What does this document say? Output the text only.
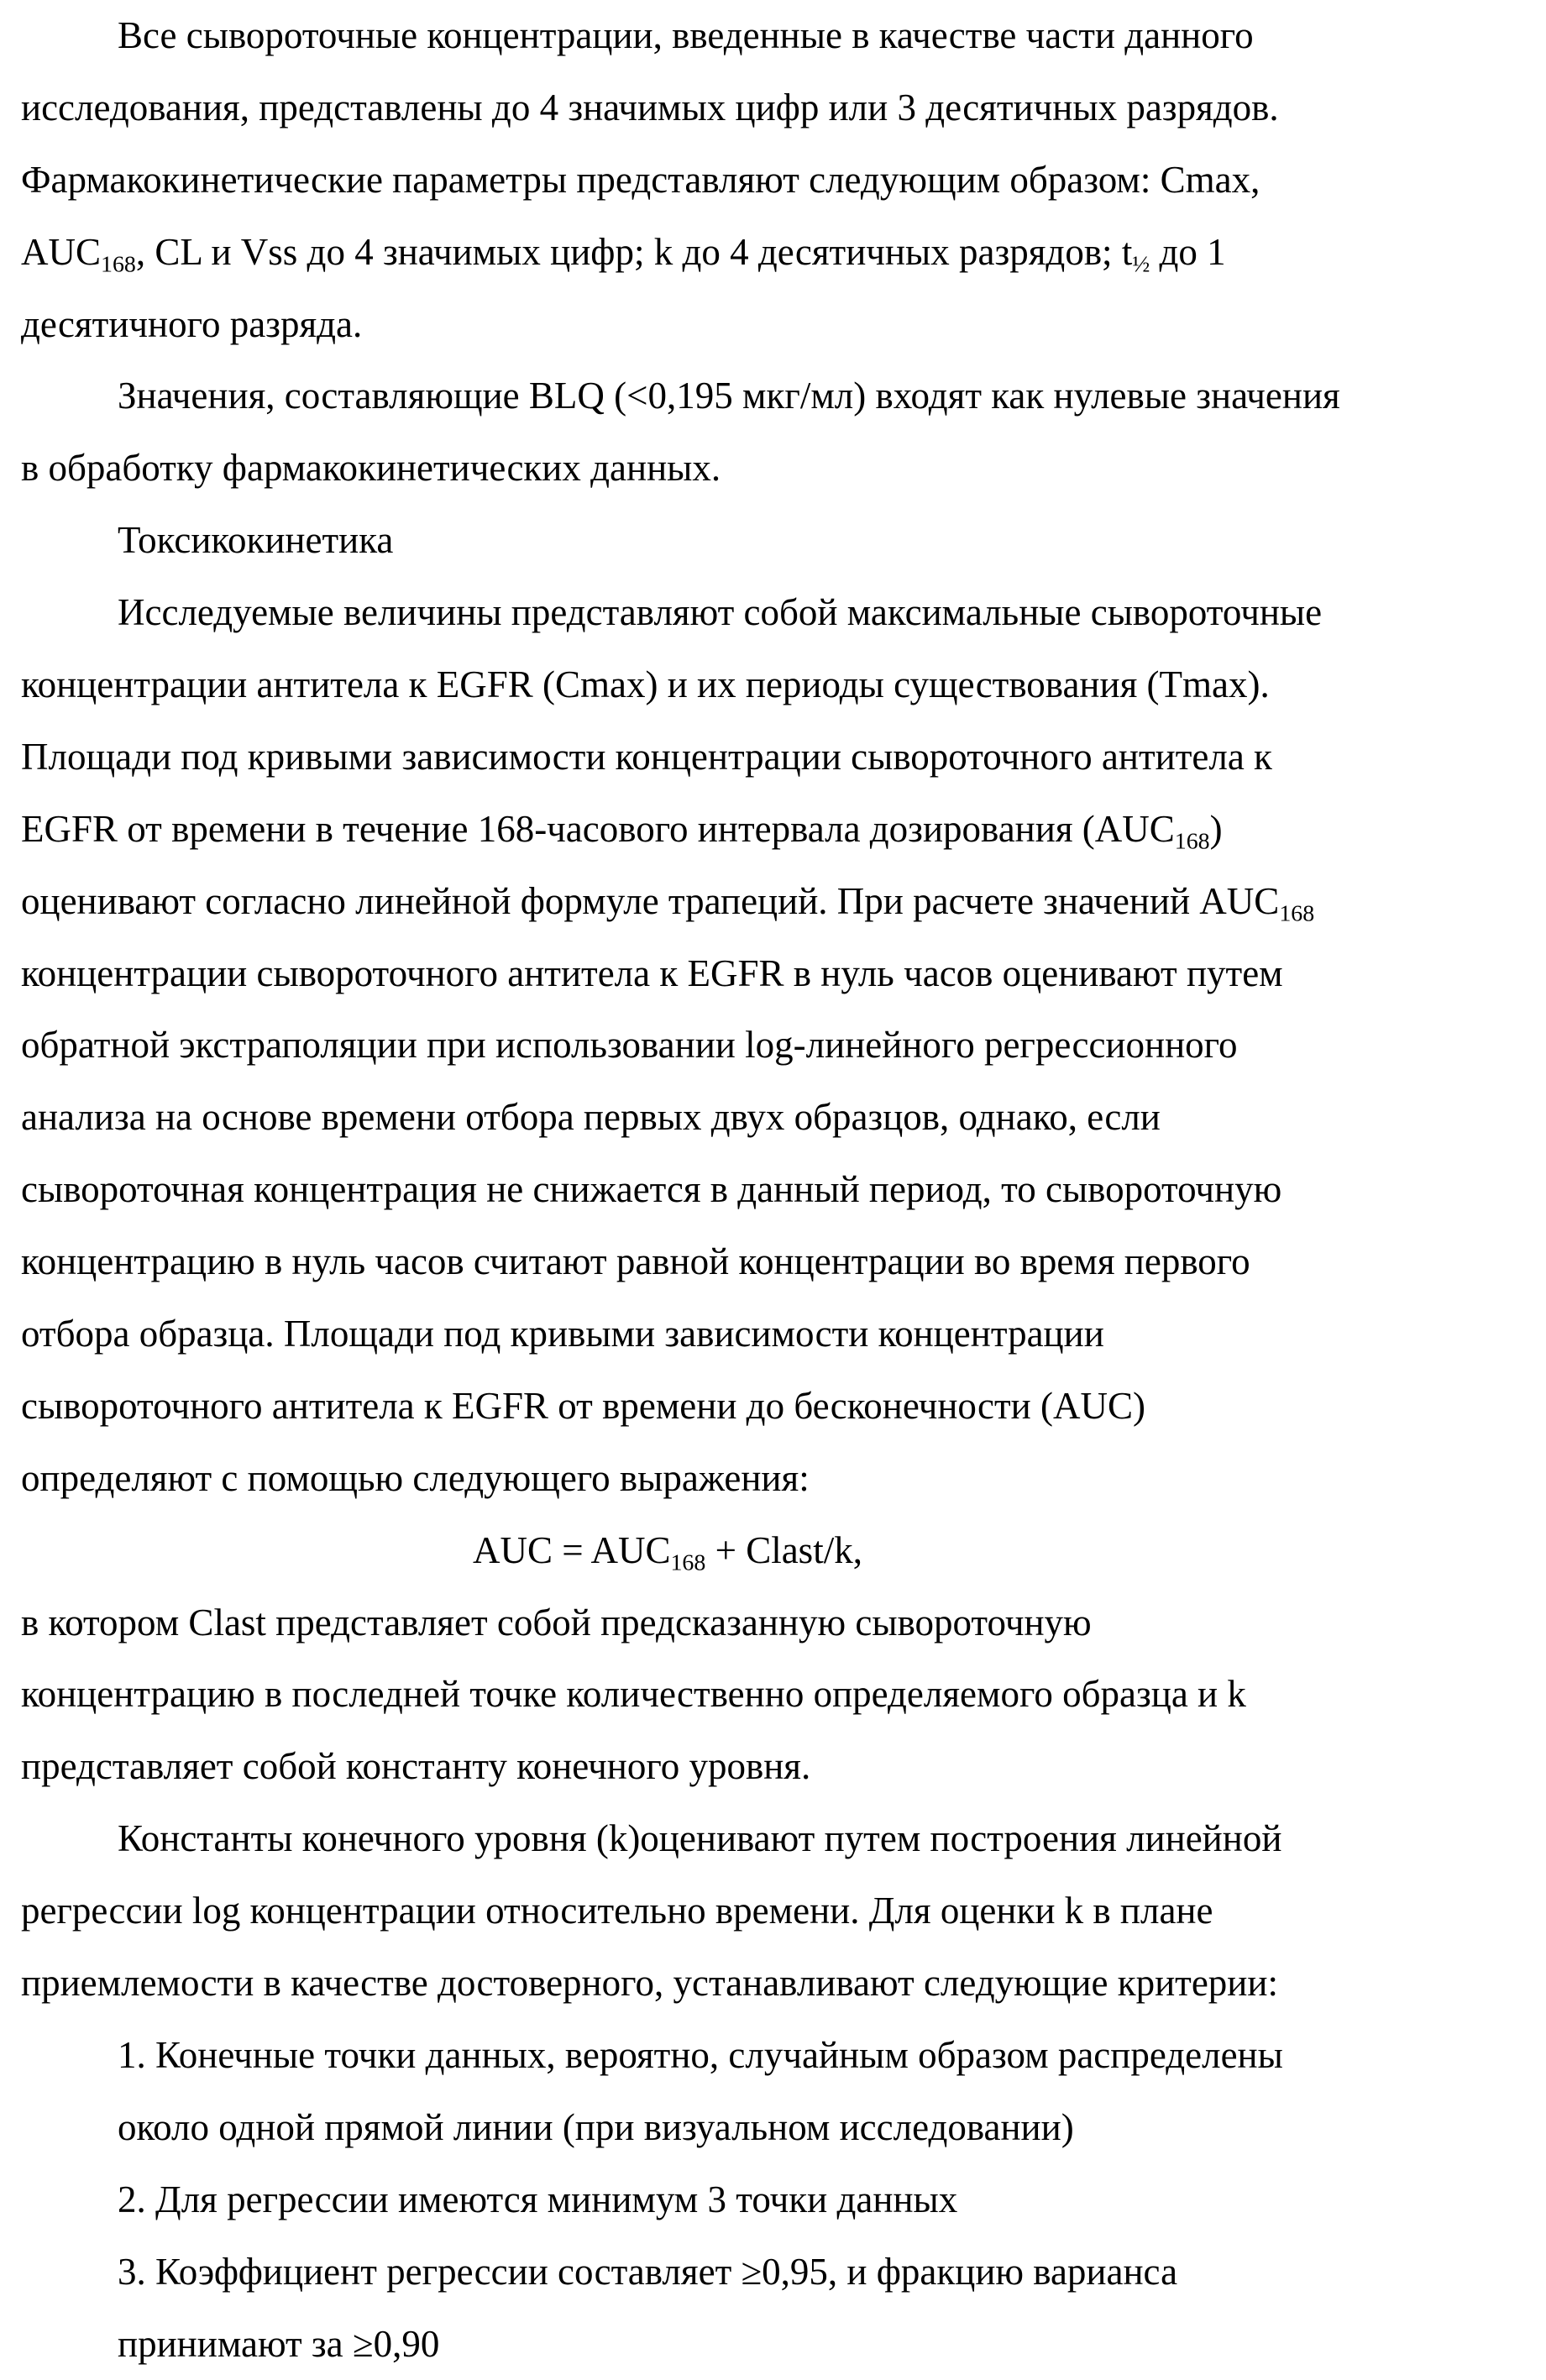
Все сывороточные концентрации, введенные в качестве части данного
исследования, представлены до 4 значимых цифр или 3 десятичных разрядов.
Фармакокинетические параметры представляют следующим образом: Cmax,
AUC168, CL и Vss до 4 значимых цифр; k до 4 десятичных разрядов; t½ до 1
десятичного разряда.
Значения, составляющие BLQ (<0,195 мкг/мл) входят как нулевые значения
в обработку фармакокинетических данных.
Токсикокинетика
Исследуемые величины представляют собой максимальные сывороточные
концентрации антитела к EGFR (Cmax) и их периоды существования (Tmax).
Площади под кривыми зависимости концентрации сывороточного антитела к
EGFR от времени в течение 168-часового интервала дозирования (AUC168)
оценивают согласно линейной формуле трапеций. При расчете значений AUC168
концентрации сывороточного антитела к EGFR в нуль часов оценивают путем
обратной экстраполяции при использовании log-линейного регрессионного
анализа на основе времени отбора первых двух образцов, однако, если
сывороточная концентрация не снижается в данный период, то сывороточную
концентрацию в нуль часов считают равной концентрации во время первого
отбора образца. Площади под кривыми зависимости концентрации
сывороточного антитела к EGFR от времени до бесконечности (AUC)
определяют с помощью следующего выражения:
AUC = AUC168 + Clast/k,
в котором Clast представляет собой предсказанную сывороточную
концентрацию в последней точке количественно определяемого образца и k
представляет собой константу конечного уровня.
Константы конечного уровня (k)оценивают путем построения линейной
регрессии log концентрации относительно времени. Для оценки k в плане
приемлемости в качестве достоверного, устанавливают следующие критерии:
1. Конечные точки данных, вероятно, случайным образом распределены
около одной прямой линии (при визуальном исследовании)
2. Для регрессии имеются минимум 3 точки данных
3. Коэффициент регрессии составляет ≥0,95, и фракцию варианса
принимают за ≥0,90
